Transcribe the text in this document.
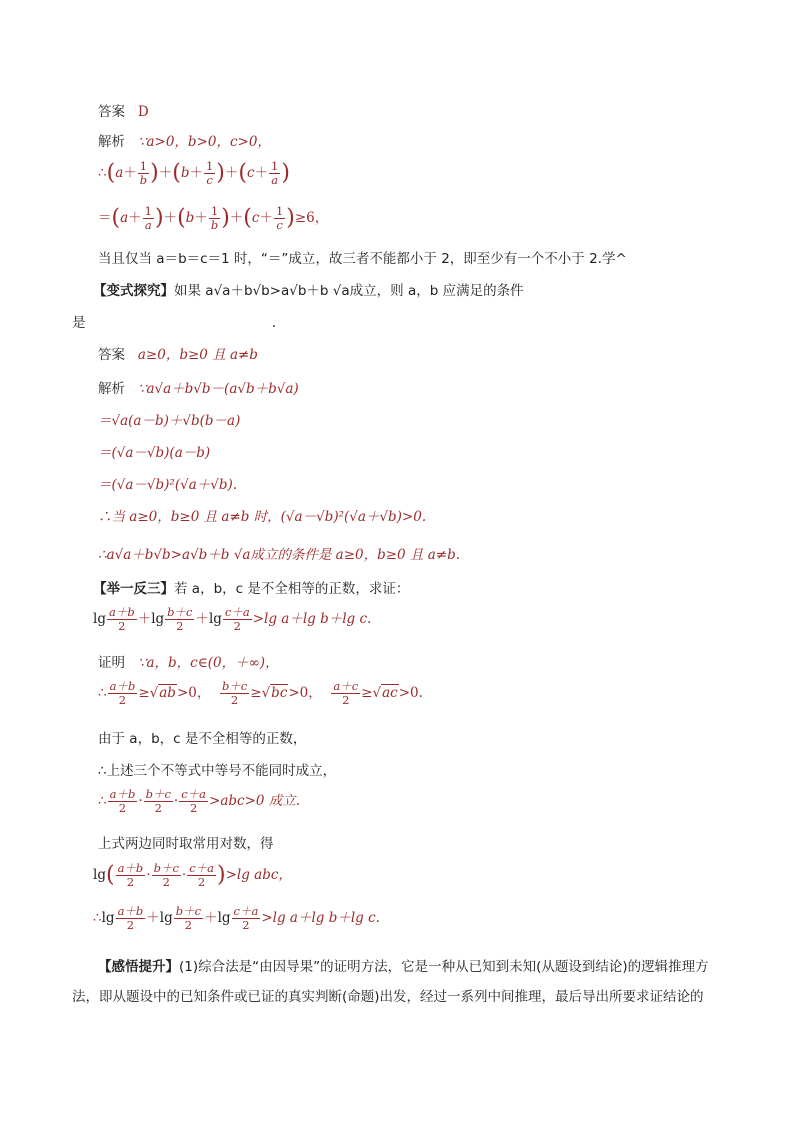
答案 D
解析 ∵a>0，b>0，c>0，
∴(a＋ $\frac{1}{b} )+(b+ \frac{1}{c} )+(c+ \frac{1}{a}$ )
$=(a+ \frac{1}{a} )+(b+ \frac{1}{b} )+(c+ \frac{1}{c} )\ge 6$，
当且仅当 a＝b＝c＝1 时，“＝”成立，故三者不能都小于 2，即至少有一个不小于 2.学^
【变式探究】如果 a√a＋b√b>a√b＋b √a成立，则 a，b 应满足的条件
是	.
答案 a≥0，b≥0 且 a≠b
解析 ∵a√a＋b√b－(a√b＋b√a)
＝√a(a－b)＋√b(b－a)
＝(√a－√b)(a－b)
＝(√a－√b)²(√a＋√b).
∴当 a≥0，b≥0 且 a≠b 时，(√a－√b)²(√a＋√b)>0.
∴a√a＋b√b>a√b＋b √a成立的条件是 a≥0，b≥0 且 a≠b.
【举一反三】若 a，b，c 是不全相等的正数，求证：
$\lg \frac{a+b}{2} +\lg \frac{b+c}{2} +\lg \frac{c+a}{2} >\lg$ a＋lg b＋lg c.
证明 ∵a，b，c∈(0，＋∞)，
∴ $\frac{a+b}{2} \ge√ab>0$， $\frac{b+c}{2} \ge√bc>0$， $\frac{a+c}{2} \ge√ac>0$.
由于 a，b，c 是不全相等的正数，
∴上述三个不等式中等号不能同时成立，
∴ $\frac{a+b}{2} \cdot \frac{b+c}{2} \cdot \frac{c+a}{2} >abc>0$ 成立.
上式两边同时取常用对数，得
$\lg( \frac{a+b}{2} \cdot \frac{b+c}{2} \cdot \frac{c+a}{2} )>\lg$ abc，
∴lg $\frac{a+b}{2} +\lg \frac{b+c}{2} +\lg \frac{c+a}{2} >\lg$ a＋lg b＋lg c.
【感悟提升】(1)综合法是“由因导果”的证明方法，它是一种从已知到未知(从题设到结论)的逻辑推理方法，即从题设中的已知条件或已证的真实判断(命题)出发，经过一系列中间推理，最后导出所要求证结论的
